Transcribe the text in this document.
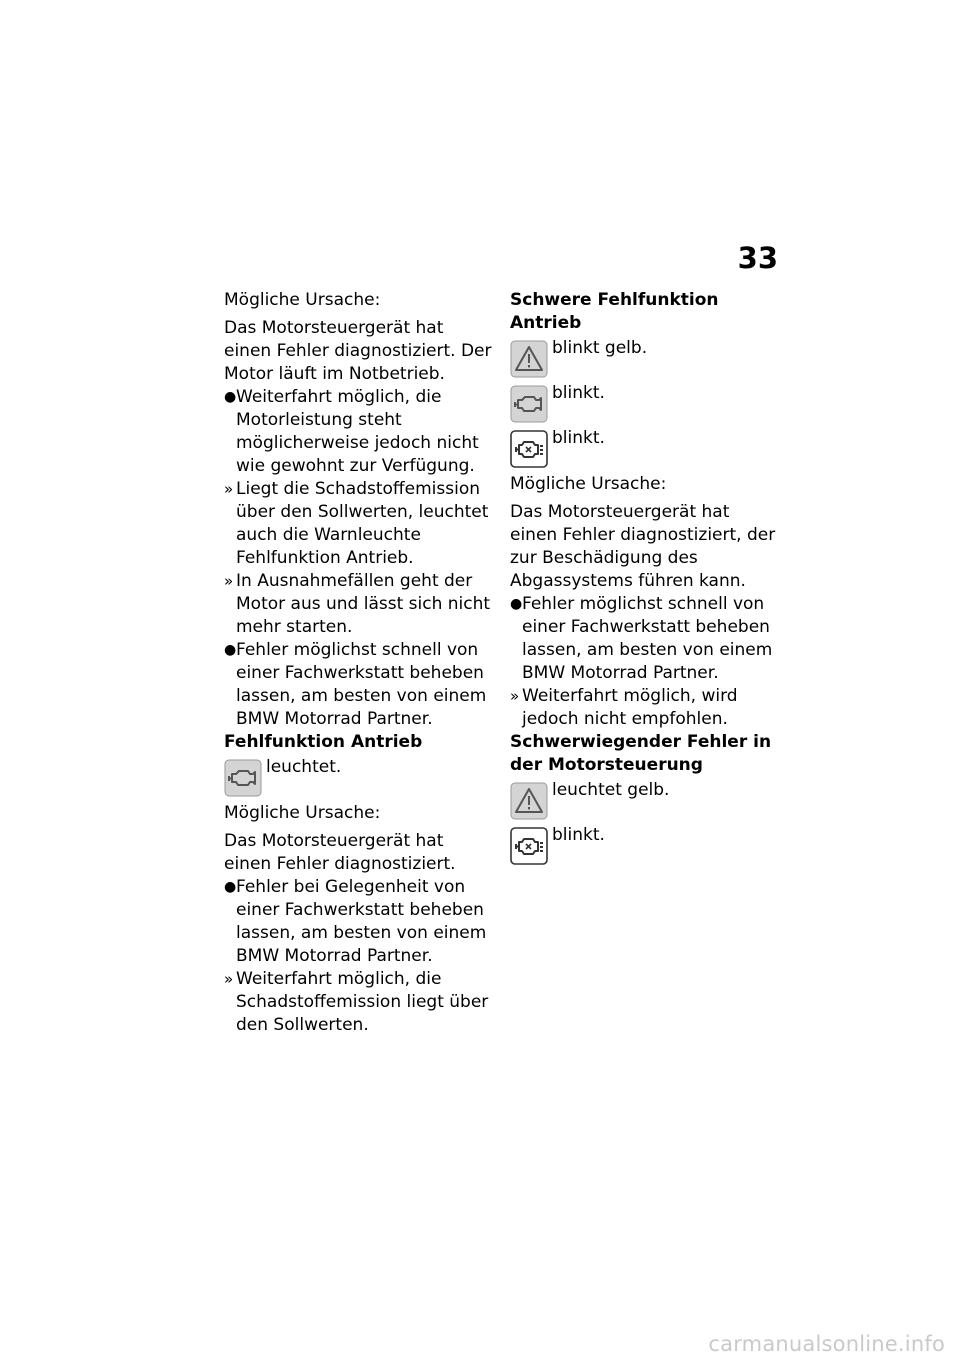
33

Mögliche Ursache:

Das Motorsteuergerät hat einen Fehler diagnostiziert. Der Motor läuft im Notbetrieb.

● Weiterfahrt möglich, die Motorleistung steht möglicherweise jedoch nicht wie gewohnt zur Verfügung.
» Liegt die Schadstoffemission über den Sollwerten, leuchtet auch die Warnleuchte Fehlfunktion Antrieb.
» In Ausnahmefällen geht der Motor aus und lässt sich nicht mehr starten.
● Fehler möglichst schnell von einer Fachwerkstatt beheben lassen, am besten von einem BMW Motorrad Partner.

Fehlfunktion Antrieb

leuchtet.

Mögliche Ursache:

Das Motorsteuergerät hat einen Fehler diagnostiziert.

● Fehler bei Gelegenheit von einer Fachwerkstatt beheben lassen, am besten von einem BMW Motorrad Partner.
» Weiterfahrt möglich, die Schadstoffemission liegt über den Sollwerten.

Schwere Fehlfunktion Antrieb

blinkt gelb.
blinkt.
blinkt.

Mögliche Ursache:

Das Motorsteuergerät hat einen Fehler diagnostiziert, der zur Beschädigung des Abgassystems führen kann.

● Fehler möglichst schnell von einer Fachwerkstatt beheben lassen, am besten von einem BMW Motorrad Partner.
» Weiterfahrt möglich, wird jedoch nicht empfohlen.

Schwerwiegender Fehler in der Motorsteuerung

leuchtet gelb.
blinkt.
carmanualsonline.info
